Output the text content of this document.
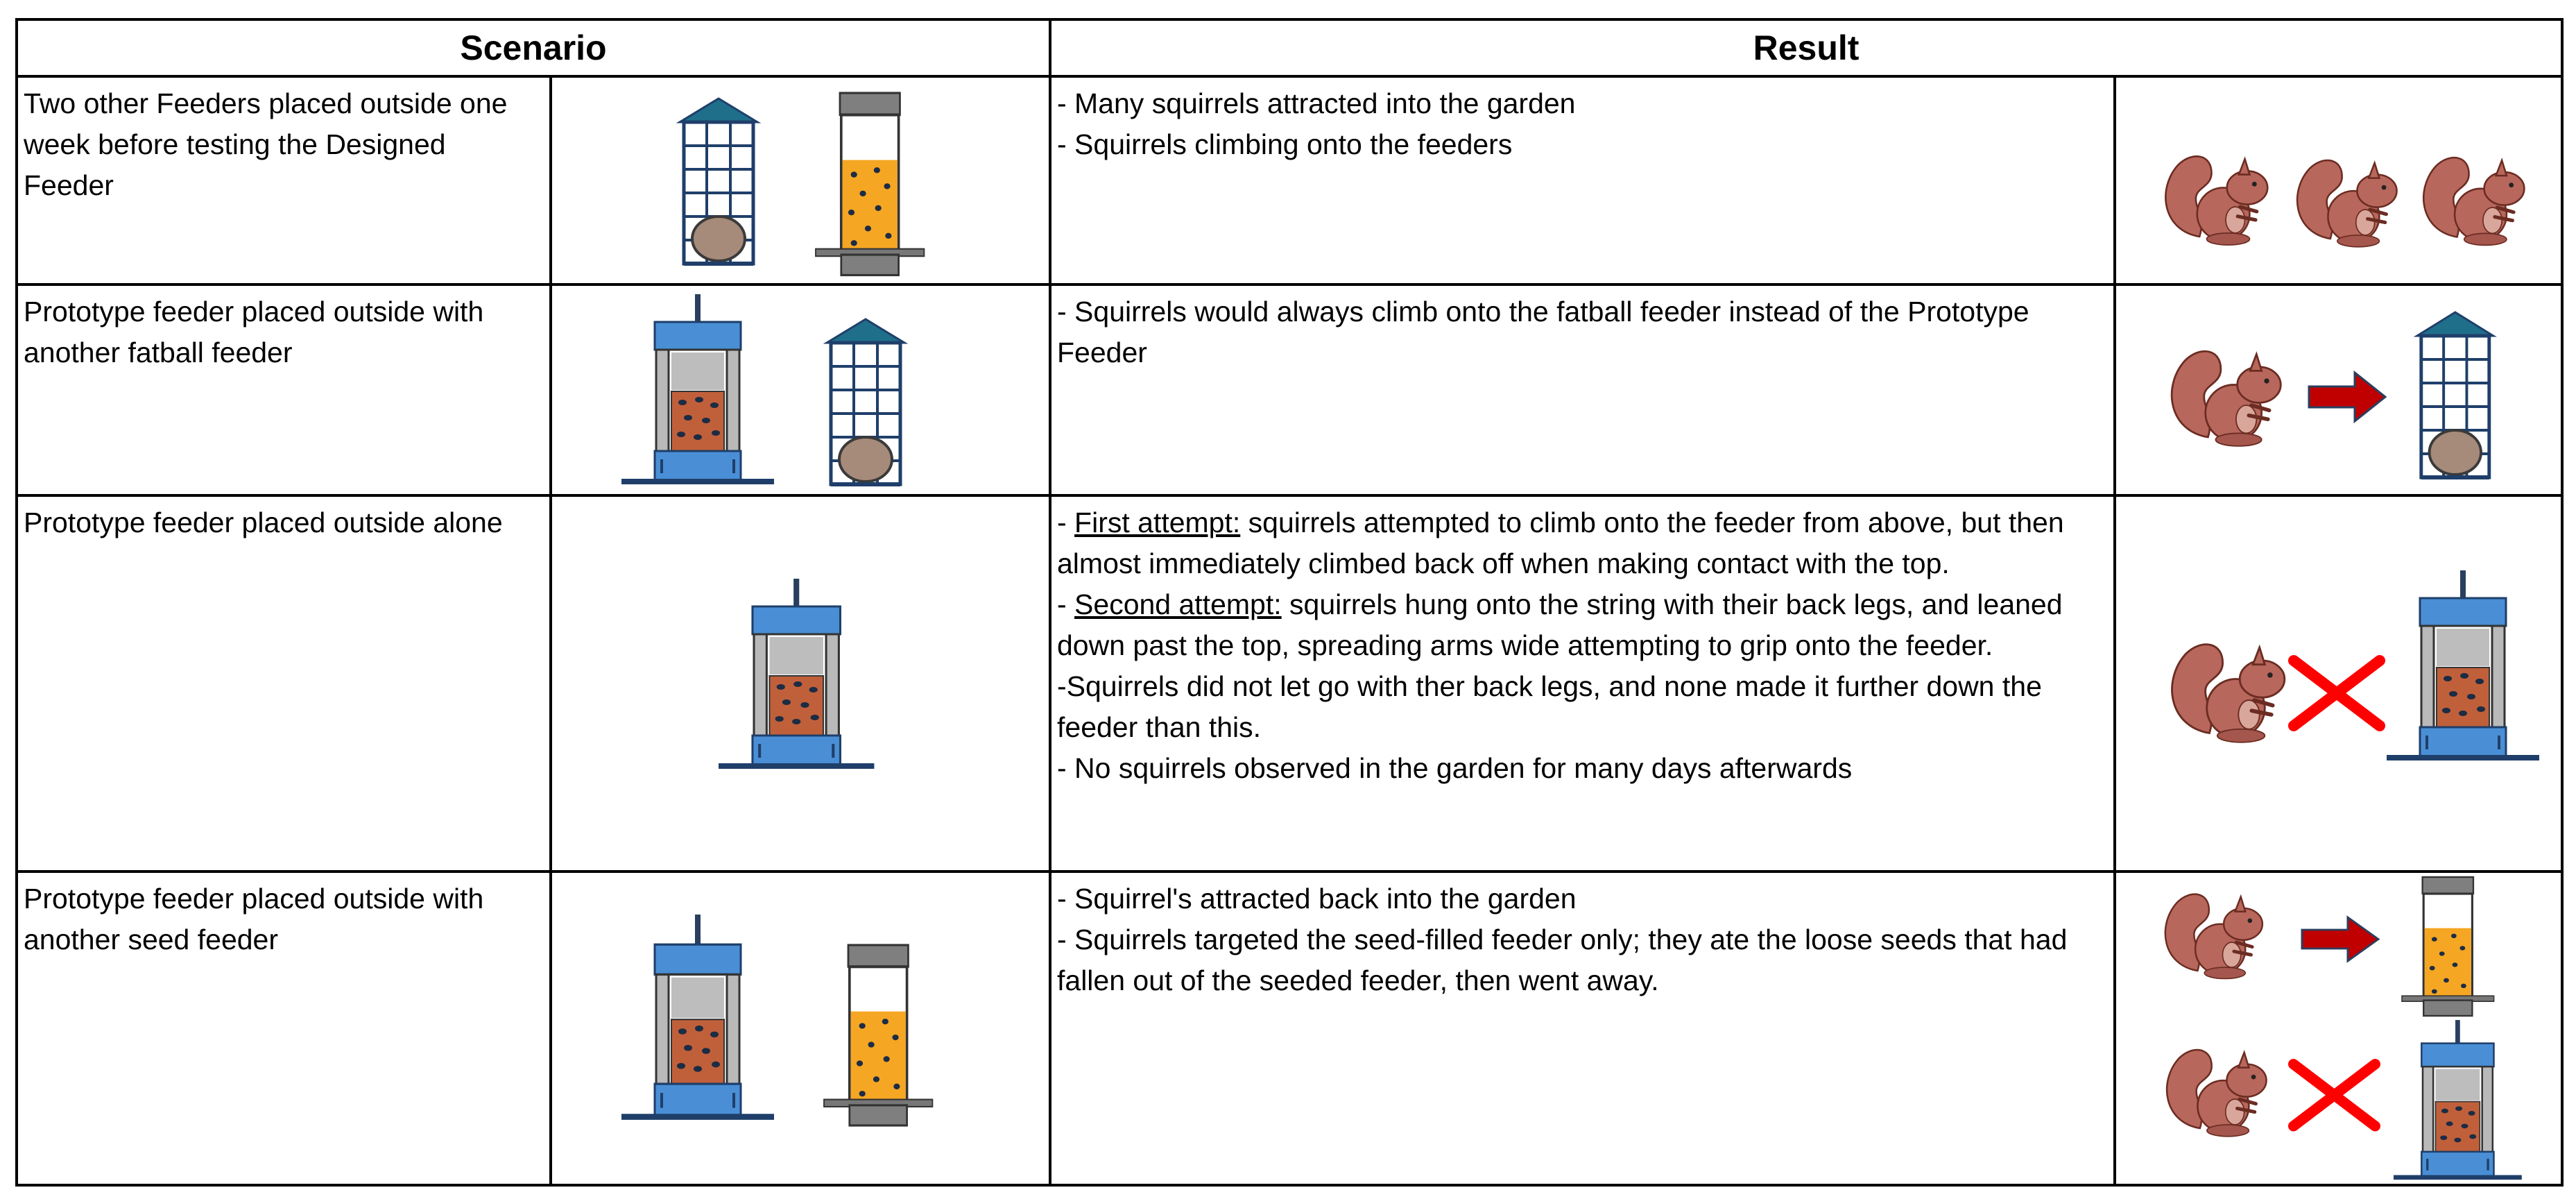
Scenario		Result	

Two other Feeders placed outside one week before testing the Designed Feeder		- Many squirrels attracted into the garden

- Squirrels climbing onto the feeders

Prototype feeder placed outside with another fatball feeder		- Squirrels would always climb onto the fatball feeder instead of the Prototype Feeder

Prototype feeder placed outside alone		- First attempt: squirrels attempted to climb onto the feeder from above, but then almost immediately climbed back off when making contact with the top.

- Second attempt: squirrels hung onto the string with their back legs, and leaned down past the top, spreading arms wide attempting to grip onto the feeder.

-Squirrels did not let go with ther back legs, and none made it further down the feeder than this.

- No squirrels observed in the garden for many days afterwards

Prototype feeder placed outside with another seed feeder		- Squirrel's attracted back into the garden

- Squirrels targeted the seed-filled feeder only; they ate the loose seeds that had fallen out of the seeded feeder, then went away.
